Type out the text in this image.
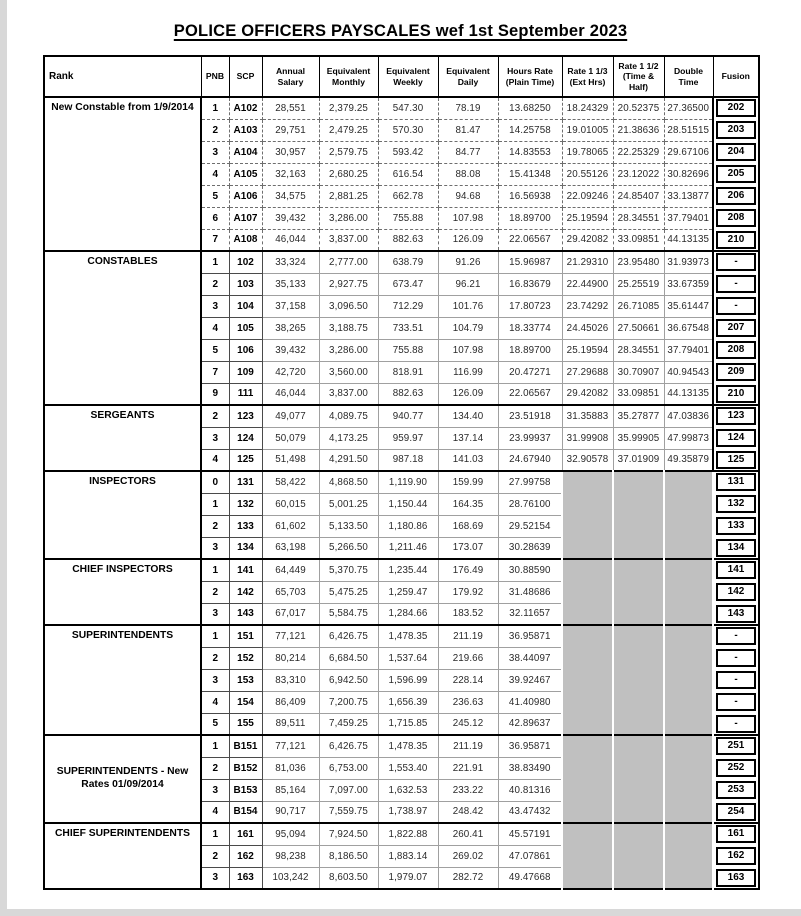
POLICE OFFICERS PAYSCALES wef 1st September 2023
Rank	PNB	SCP	Annual Salary	Equivalent Monthly	Equivalent Weekly	Equivalent Daily	Hours Rate (Plain Time)	Rate 1 1/3 (Ext Hrs)	Rate 1 1/2 (Time & Half)	Double Time	Fusion
New Constable from 1/9/2014	1	A102	28,551	2,379.25	547.30	78.19	13.68250	18.24329	20.52375	27.36500	202

	2	A103	29,751	2,479.25	570.30	81.47	14.25758	19.01005	21.38636	28.51515	203

	3	A104	30,957	2,579.75	593.42	84.77	14.83553	19.78065	22.25329	29.67106	204

	4	A105	32,163	2,680.25	616.54	88.08	15.41348	20.55126	23.12022	30.82696	205

	5	A106	34,575	2,881.25	662.78	94.68	16.56938	22.09246	24.85407	33.13877	206

	6	A107	39,432	3,286.00	755.88	107.98	18.89700	25.19594	28.34551	37.79401	208

	7	A108	46,044	3,837.00	882.63	126.09	22.06567	29.42082	33.09851	44.13135	210

CONSTABLES	1	102	33,324	2,777.00	638.79	91.26	15.96987	21.29310	23.95480	31.93973	-

	2	103	35,133	2,927.75	673.47	96.21	16.83679	22.44900	25.25519	33.67359	-

	3	104	37,158	3,096.50	712.29	101.76	17.80723	23.74292	26.71085	35.61447	-

	4	105	38,265	3,188.75	733.51	104.79	18.33774	24.45026	27.50661	36.67548	207

	5	106	39,432	3,286.00	755.88	107.98	18.89700	25.19594	28.34551	37.79401	208

	7	109	42,720	3,560.00	818.91	116.99	20.47271	27.29688	30.70907	40.94543	209

	9	111	46,044	3,837.00	882.63	126.09	22.06567	29.42082	33.09851	44.13135	210

SERGEANTS	2	123	49,077	4,089.75	940.77	134.40	23.51918	31.35883	35.27877	47.03836	123

	3	124	50,079	4,173.25	959.97	137.14	23.99937	31.99908	35.99905	47.99873	124

	4	125	51,498	4,291.50	987.18	141.03	24.67940	32.90578	37.01909	49.35879	125

INSPECTORS	0	131	58,422	4,868.50	1,119.90	159.99	27.99758				131

	1	132	60,015	5,001.25	1,150.44	164.35	28.76100				132

	2	133	61,602	5,133.50	1,180.86	168.69	29.52154				133

	3	134	63,198	5,266.50	1,211.46	173.07	30.28639				134

CHIEF INSPECTORS	1	141	64,449	5,370.75	1,235.44	176.49	30.88590				141

	2	142	65,703	5,475.25	1,259.47	179.92	31.48686				142

	3	143	67,017	5,584.75	1,284.66	183.52	32.11657				143

SUPERINTENDENTS	1	151	77,121	6,426.75	1,478.35	211.19	36.95871				-

	2	152	80,214	6,684.50	1,537.64	219.66	38.44097				-

	3	153	83,310	6,942.50	1,596.99	228.14	39.92467				-

	4	154	86,409	7,200.75	1,656.39	236.63	41.40980				-

	5	155	89,511	7,459.25	1,715.85	245.12	42.89637				-

SUPERINTENDENTS - New Rates 01/09/2014	1	B151	77,121	6,426.75	1,478.35	211.19	36.95871				251

	2	B152	81,036	6,753.00	1,553.40	221.91	38.83490				252

	3	B153	85,164	7,097.00	1,632.53	233.22	40.81316				253

	4	B154	90,717	7,559.75	1,738.97	248.42	43.47432				254

CHIEF SUPERINTENDENTS	1	161	95,094	7,924.50	1,822.88	260.41	45.57191				161

	2	162	98,238	8,186.50	1,883.14	269.02	47.07861				162

	3	163	103,242	8,603.50	1,979.07	282.72	49.47668				163
